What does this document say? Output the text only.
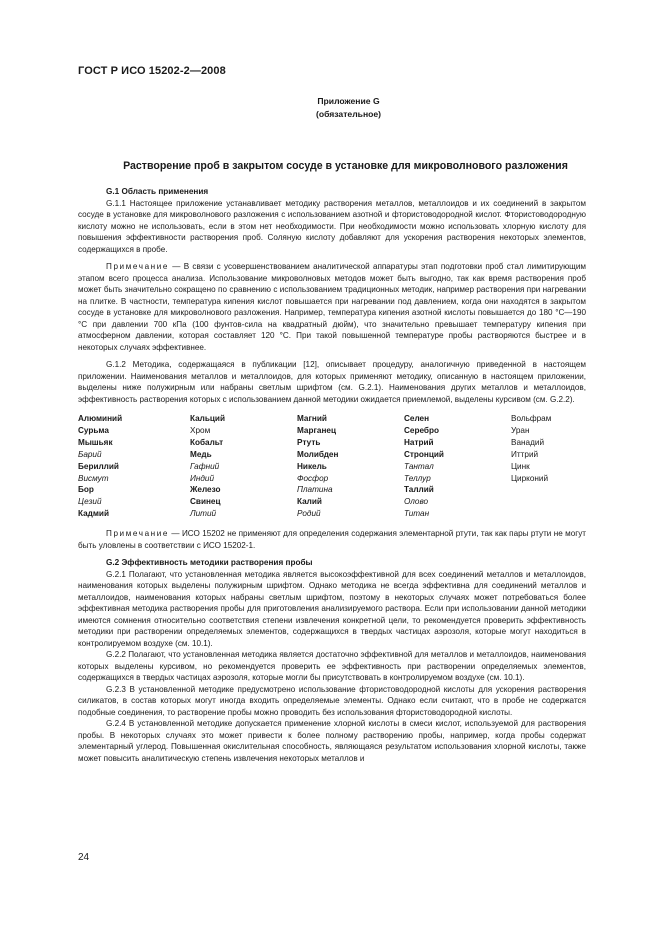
ГОСТ Р ИСО 15202-2—2008
Приложение G
(обязательное)
Растворение проб в закрытом сосуде в установке для микроволнового разложения
G.1 Область применения

G.1.1 Настоящее приложение устанавливает методику растворения металлов, металлоидов и их соединений в закрытом сосуде в установке для микроволнового разложения с использованием азотной и фтористоводородной кислот. Фтористоводородную кислоту можно не использовать, если в этом нет необходимости. При необходимости можно использовать хлорную кислоту для повышения эффективности растворения проб. Соляную кислоту добавляют для ускорения растворения некоторых элементов, содержащихся в пробе.

Примечание — В связи с усовершенствованием аналитической аппаратуры этап подготовки проб стал лимитирующим этапом всего процесса анализа. Использование микроволновых методов может быть выгодно, так как время растворения проб может быть значительно сокращено по сравнению с использованием традиционных методик, например растворения при нагревании на плитке. В частности, температура кипения кислот повышается при нагревании под давлением, когда они находятся в закрытом сосуде в установке для микроволнового разложения. Например, температура кипения азотной кислоты повышается до 180 °С—190 °С при давлении 700 кПа (100 фунтов-сила на квадратный дюйм), что значительно превышает температуру кипения при атмосферном давлении, которая составляет 120 °С. При такой повышенной температуре пробы растворяются быстрее и в некоторых случаях эффективнее.

G.1.2 Методика, содержащаяся в публикации [12], описывает процедуру, аналогичную приведенной в настоящем приложении. Наименования металлов и металлоидов, для которых применяют методику, описанную в настоящем приложении, выделены ниже полужирным или набраны светлым шрифтом (см. G.2.1). Наименования других металлов и металлоидов, эффективность растворения которых с использованием данной методики ожидается приемлемой, выделены курсивом (см. G.2.2).

Алюминий
Сурьма
Мышьяк
Барий
Бериллий
Висмут
Бор
Цезий
Кадмий
Кальций
Хром
Кобальт
Медь
Гафний
Индий
Железо
Свинец
Литий
Магний
Марганец
Ртуть
Молибден
Никель
Фосфор
Платина
Калий
Родий
Селен
Серебро
Натрий
Стронций
Тантал
Теллур
Таллий
Олово
Титан
Вольфрам
Уран
Ванадий
Иттрий
Цинк
Цирконий

Примечание — ИСО 15202 не применяют для определения содержания элементарной ртути, так как пары ртути не могут быть уловлены в соответствии с ИСО 15202-1.

G.2 Эффективность методики растворения пробы

G.2.1 Полагают, что установленная методика является высокоэффективной для всех соединений металлов и металлоидов, наименования которых выделены полужирным шрифтом. Однако методика не всегда эффективна для соединений металлов и металлоидов, наименования которых набраны светлым шрифтом, поэтому в некоторых случаях может потребоваться более эффективная методика растворения пробы для приготовления анализируемого раствора. Если при использовании данной методики имеются сомнения относительно соответствия степени извлечения конкретной цели, то рекомендуется проверить эффективность методики при растворении определяемых элементов, содержащихся в твердых частицах аэрозоля, которые могут находиться в контролируемом воздухе (см. 10.1).

G.2.2 Полагают, что установленная методика является достаточно эффективной для металлов и металлоидов, наименования которых выделены курсивом, но рекомендуется проверить ее эффективность при растворении определяемых элементов, содержащихся в твердых частицах аэрозоля, которые могли бы присутствовать в контролируемом воздухе (см. 10.1).

G.2.3 В установленной методике предусмотрено использование фтористоводородной кислоты для ускорения растворения силикатов, в состав которых могут иногда входить определяемые элементы. Однако если считают, что в пробе не содержатся подобные соединения, то растворение пробы можно проводить без использования фтористоводородной кислоты.

G.2.4 В установленной методике допускается применение хлорной кислоты в смеси кислот, используемой для растворения пробы. В некоторых случаях это может привести к более полному растворению пробы, например, когда пробы содержат элементарный углерод. Повышенная окислительная способность, являющаяся результатом использования хлорной кислоты, также может повысить аналитическую степень извлечения некоторых металлов и

24
